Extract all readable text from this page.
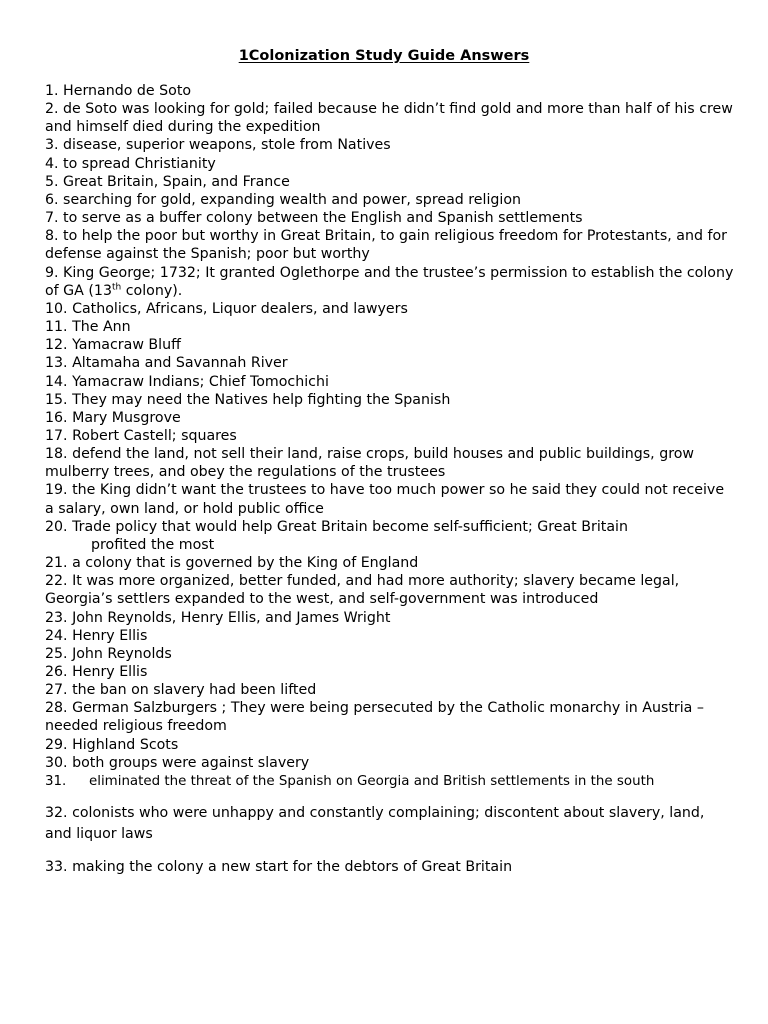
1Colonization Study Guide Answers

1. Hernando de Soto

2. de Soto was looking for gold; failed because he didn’t find gold and more than half of his crew and himself died during the expedition

3. disease, superior weapons, stole from Natives

4. to spread Christianity

5. Great Britain, Spain, and France

6. searching for gold, expanding wealth and power, spread religion

7. to serve as a buffer colony between the English and Spanish settlements

8. to help the poor but worthy in Great Britain, to gain religious freedom for Protestants, and for defense against the Spanish; poor but worthy

9. King George; 1732; It granted Oglethorpe and the trustee’s permission to establish the colony of GA (13th colony).

10. Catholics, Africans, Liquor dealers, and lawyers

11. The Ann

12. Yamacraw Bluff

13. Altamaha and Savannah River

14. Yamacraw Indians; Chief Tomochichi

15. They may need the Natives help fighting the Spanish

16. Mary Musgrove

17. Robert Castell; squares

18. defend the land, not sell their land, raise crops, build houses and public buildings, grow mulberry trees, and obey the regulations of the trustees

19. the King didn’t want the trustees to have too much power so he said they could not receive a salary, own land, or hold public office

20. Trade policy that would help Great Britain become self-sufficient; Great Britain

profited the most

21. a colony that is governed by the King of England

22. It was more organized, better funded, and had more authority; slavery became legal, Georgia’s settlers expanded to the west, and self-government was introduced

23. John Reynolds, Henry Ellis, and James Wright

24. Henry Ellis

25. John Reynolds

26. Henry Ellis

27. the ban on slavery had been lifted

28. German Salzburgers ; They were being persecuted by the Catholic monarchy in Austria – needed religious freedom

29. Highland Scots

30. both groups were against slavery

31. eliminated the threat of the Spanish on Georgia and British settlements in the south

32. colonists who were unhappy and constantly complaining; discontent about slavery, land, and liquor laws

33. making the colony a new start for the debtors of Great Britain
